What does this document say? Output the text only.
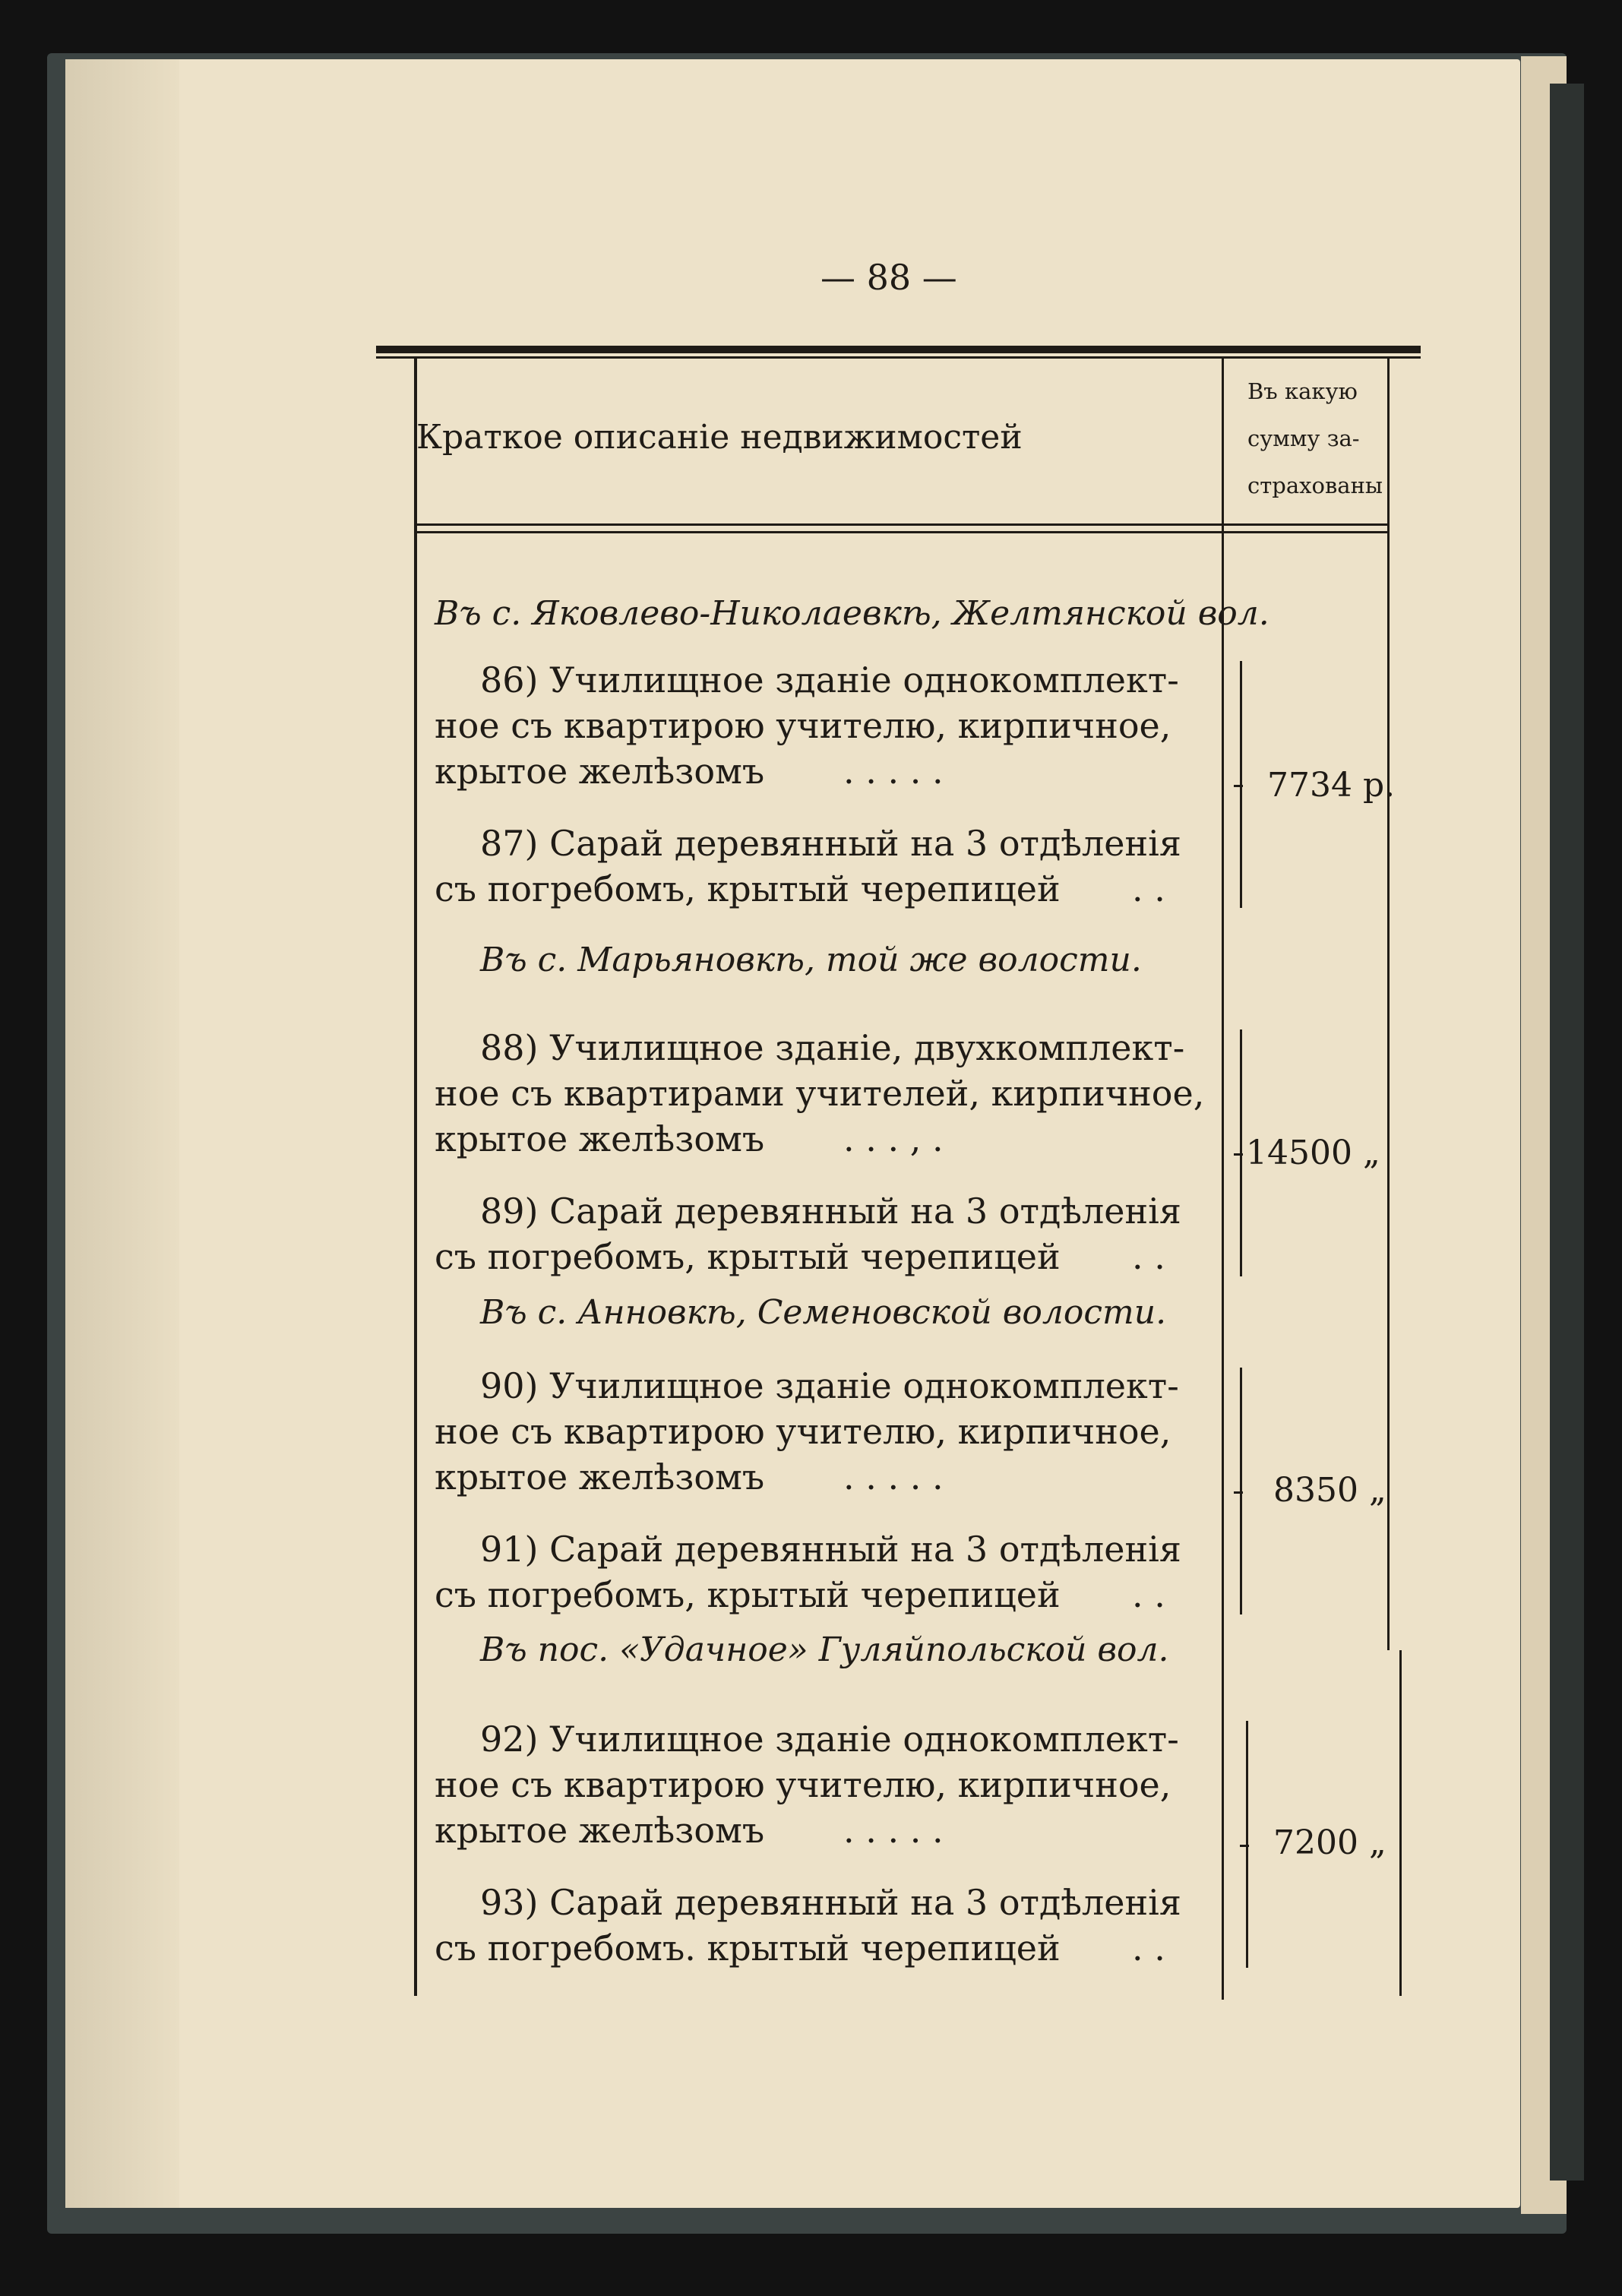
— 88 —
Краткое описаніе недвижимостей
Въ какую
сумму за-
страхованы
Въ с. Яковлево-Николаевкѣ, Желтянской вол.
86) Училищное зданіе однокомплект-
ное съ квартирою учителю, кирпичное,
крытое желѣзомъ . . . . .
87) Сарай деревянный на 3 отдѣленія
съ погребомъ, крытый черепицей . .
7734 р.
Въ с. Марьяновкѣ, той же волости.
88) Училищное зданіе, двухкомплект-
ное съ квартирами учителей, кирпичное,
крытое желѣзомъ . . . , .
89) Сарай деревянный на 3 отдѣленія
съ погребомъ, крытый черепицей . .
14500 „
Въ с. Анновкѣ, Семеновской волости.
90) Училищное зданіе однокомплект-
ное съ квартирою учителю, кирпичное,
крытое желѣзомъ . . . . .
91) Сарай деревянный на 3 отдѣленія
съ погребомъ, крытый черепицей . .
8350 „
Въ пос. «Удачное» Гуляйпольской вол.
92) Училищное зданіе однокомплект-
ное съ квартирою учителю, кирпичное,
крытое желѣзомъ . . . . .
93) Сарай деревянный на 3 отдѣленія
съ погребомъ. крытый черепицей . .
7200 „
